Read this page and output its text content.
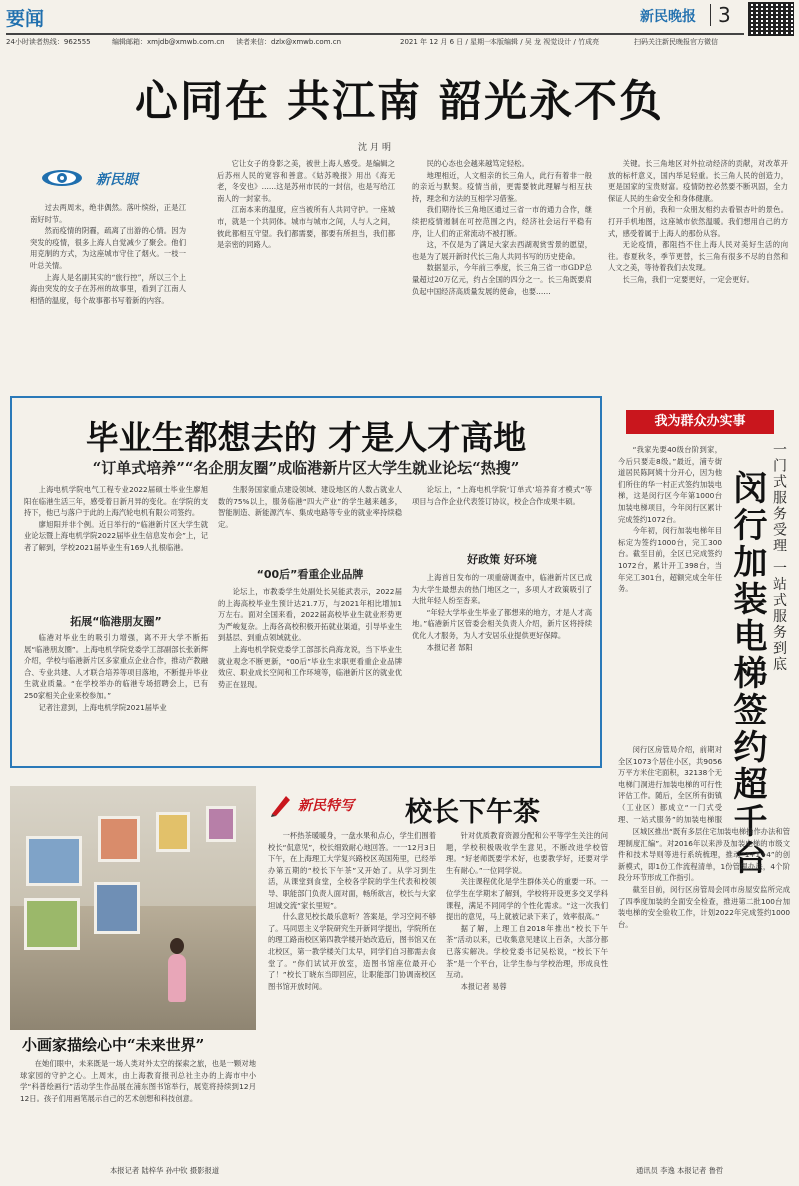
要闻	新民晚报 3
24小时读者热线：962555	编辑邮箱：xmjdb@xmwb.com.cn 读者来信：dzlx@xmwb.com.cn	2021 年 12 月 6 日 / 星期一
本版编辑 / 吴 龙 视觉设计 / 竹成亮	扫码关注新民晚报官方微信
心同在 共江南 韶光永不负
沈月明
新民眼

过去两周末，绝非偶然。落叶缤纷，正是江南好时节。

然而疫情的阴霾，疏离了出游的心情。因为突发的疫情，很多上海人自觉减少了聚会。他们用克制的方式，为这座城市守住了烟火。一枝一叶总关情。

上海人是名副其实的“旅行控”，所以三个上海由突发的女子在苏州的故事里，看到了江南人相惜的温度，每个故事都书写着新的内容。

它让女子的身影之美，被世上海人感受。是编辑之后苏州人民的宽容和善意。《姑苏晚报》用出《海无老，冬安也》……这是苏州市民的一封信，也是写给江南人的一封家书。

江南本来的温度，应当被所有人共同守护。一座城市，就是一个共同体。城市与城市之间，人与人之间，彼此都相互守望。我们都需要，都要有所担当，我们都是亲密的同路人。

民的心态也会越来越笃定轻松。

地理相近，人文相亲的长三角人，此行有着非一般的亲近与默契。疫情当前，更需要彼此理解与相互扶持，理念和方法的互相学习借鉴。

我们期待长三角地区通过三省一市的通力合作，继续把疫情遏制在可控范围之内，经济社会运行平稳有序，让人们的正常流动不被打断。

这，不仅是为了满足大家去西湖观赏雪景的愿望，也是为了展开新时代长三角人共同书写的历史使命。

数据显示，今年前三季度，长三角三省一市GDP总量超过20万亿元，约占全国的四分之一。长三角既要肩负起中国经济高质量发展的使命，也要……

关键。长三角地区对外拉动经济的贡献，对改革开放的标杆意义，国内举足轻重。长三角人民的创造力，更是国家的宝贵财富。疫情防控必然要不断巩固，全力保证人民的生命安全和身体健康。

一个月前，我和一众朋友相约去看银杏叶的景色。打开手机地图，这座城市依然温暖。我们想用自己的方式，感受着属于上海人的那份从容。

无论疫情，都阻挡不住上海人民对美好生活的向往。春夏秋冬，季节更替，长三角有很多不尽的自然和人文之美，等待着我们去发现。

长三角，我们一定要更好，一定会更好。

毕业生都想去的 才是人才高地
“订单式培养”“名企朋友圈”成临港新片区大学生就业论坛“热搜”

上海电机学院电气工程专业2022届硕士毕业生廖旭阳在临港生活三年，感受着日新月异的变化。在学院的支持下，他已与落户于此的上海汽轮电机有限公司签约。

廖旭阳并非个例。近日举行的“临港新片区大学生就业论坛暨上海电机学院2022届毕业生信息发布会”上，记者了解到，学校2021届毕业生有169人扎根临港。

拓展“临港朋友圈”

临港对毕业生的吸引力增强，离不开大学不断拓展“临港朋友圈”。上海电机学院党委学工部副部长张新辉介绍，学校与临港新片区多家重点企业合作，推动产教融合、专业共建、人才联合培养等项目落地，不断提升毕业生就业质量。“在学校举办的临港专场招聘会上，已有250家相关企业来校参加。”

记者注意到，上海电机学院2021届毕业

生服务国家重点建设领域、建设地区的人数占就业人数的75%以上，服务临港“四大产业”的学生越来越多，智能制造、新能源汽车、集成电路等专业的就业率持续稳定。

“00后”看重企业品牌

论坛上，市教委学生处副处长吴能武表示，2022届的上海高校毕业生预计达21.7万，与2021年相比增加1万左右。面对全国来看，2022届高校毕业生就业形势更为严峻复杂。上海各高校积极开拓就业渠道，引导毕业生到基层、到重点领域就业。

上海电机学院党委学工部部长尚海龙说，当下毕业生就业观念不断更新，“00后”毕业生求职更看重企业品牌效应、职业成长空间和工作环境等，临港新片区的就业优势正在显现。

论坛上，“上海电机学院‘订单式’培养育才模式”等项目与合作企业代表签订协议，校企合作成果丰硕。

好政策 好环境

上海首日发布的一项重磅调查中，临港新片区已成为大学生最想去的热门地区之一，多项人才政策吸引了大批年轻人纷至沓来。

“年轻大学毕业生毕业了都想来的地方，才是人才高地。”临港新片区管委会相关负责人介绍，新片区将持续优化人才服务，为人才安居乐业提供更好保障。

本报记者 郜阳

小画家描绘心中“未来世界”

在她们眼中，未来既是一场人类对外太空的探索之旅，也是一颗对地球家园的守护之心。上周末，由上海教育报刊总社主办的上海市中小学“科普绘画行”活动学生作品展在浦东图书馆举行，展览将持续到12月12日。孩子们用画笔展示自己的艺术创想和科技创意。

本报记者 陆梓华 孙中钦 摄影报道
新民特写 校长下午茶

一杯热茶暖暖身，一盘水果和点心，学生们围着校长“侃意见”，校长细致耐心地回答。一一12月3日下午，在上海理工大学复兴路校区英国苑里，已经举办第五期的“校长下午茶”又开始了。从学习到生活，从课堂到食堂，全校各学院的学生代表和校领导、职能部门负责人面对面，畅所欲言，校长与大家坦诚交流“家长里短”。

什么意见校长最乐意听？答案是，学习空间不够了。马同思主义学院研究生开新同学提出，学院所在的理工路南校区第四教学楼开始改造后，图书馆又在北校区，第一教学楼关门太早，同学们自习都需去食堂了。“你们试试开放室，造图书馆座位最开心了！”校长丁晓东当即回应，让职能部门协调南校区图书馆开放时间。

针对优质教育资源分配和公平等学生关注的问题，学校积极吸收学生意见，不断改进学校管理。“好老师既要学术好，也要教学好，还要对学生有耐心。”一位同学说。

关注课程优化是学生群体关心的重要一环。一位学生在学期末了解到，学校将开设更多交叉学科课程，满足不同同学的个性化需求。“这一次我们提出的意见，马上就被记录下来了，效率很高。”

据了解，上理工自2018年推出“校长下午茶”活动以来，已收集意见建议上百条，大部分都已落实解决。学校党委书记吴松说，“校长下午茶”是一个平台，让学生参与学校治理，形成良性互动。

本报记者 易蓉

我为群众办实事

“我家先要40级台阶到家，今后只要走8级。”最近，浦专街道居民陈阿姨十分开心，因为他们所住的华一村正式签约加装电梯，这是闵行区今年第1000台加装电梯项目，今年闵行区累计完成签约1072台。

今年初，闵行加装电梯年目标定为签约1000台，完工300台。截至目前，全区已完成签约1072台，累计开工398台，当年完工301台，超额完成全年任务。	闵行加装电梯签约超千台 一门式服务受理 一站式服务到底

闵行区房管局介绍，前期对全区1073个居住小区，共9056万平方米住宅面积，32138个无电梯门洞进行加装电梯的可行性评估工作。随后，全区所有街镇（工业区）都成立“一门式受理、一站式服务”的加装电梯服

区城区推出“既有多层住宅加装电梯操作办法和管理制度汇编”。对2016年以来涉及加装电梯的市级文件和技术导则等进行系统梳理，推动“1+1+4”的创新模式，即1份工作流程清单，1份管理办法，4个阶段分环节形成工作指引。

截至目前，闵行区房管局会同市房屋安监所完成了四季度加装的全面安全检查，推进第二批100台加装电梯的安全验收工作，计划2022年完成签约1000台。

通讯员 李逸 本报记者 鲁哲
